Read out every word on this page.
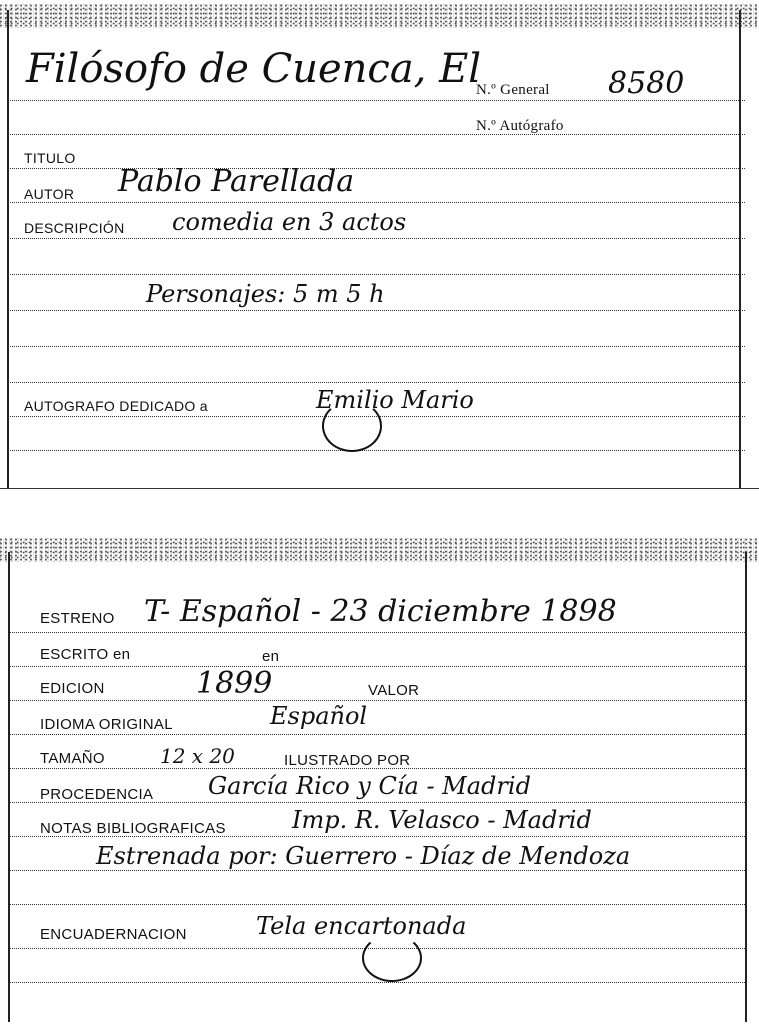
Filósofo de Cuenca, El
N.º General 8580
N.º Autógrafo
TITULO
AUTOR Pablo Parellada
DESCRIPCIÓN comedia en 3 actos
Personajes: 5 m 5 h
AUTOGRAFO DEDICADO a	Emilio Mario
ESTRENO T- Español - 23 diciembre 1898
ESCRITO en	en
EDICION	1899	VALOR
IDIOMA ORIGINAL	Español
TAMAÑO	12 x 20	ILUSTRADO POR
PROCEDENCIA García Rico y Cía - Madrid
NOTAS BIBLIOGRAFICAS	Imp. R. Velasco - Madrid
Estrenada por: Guerrero - Díaz de Mendoza
ENCUADERNACION	Tela encartonada
